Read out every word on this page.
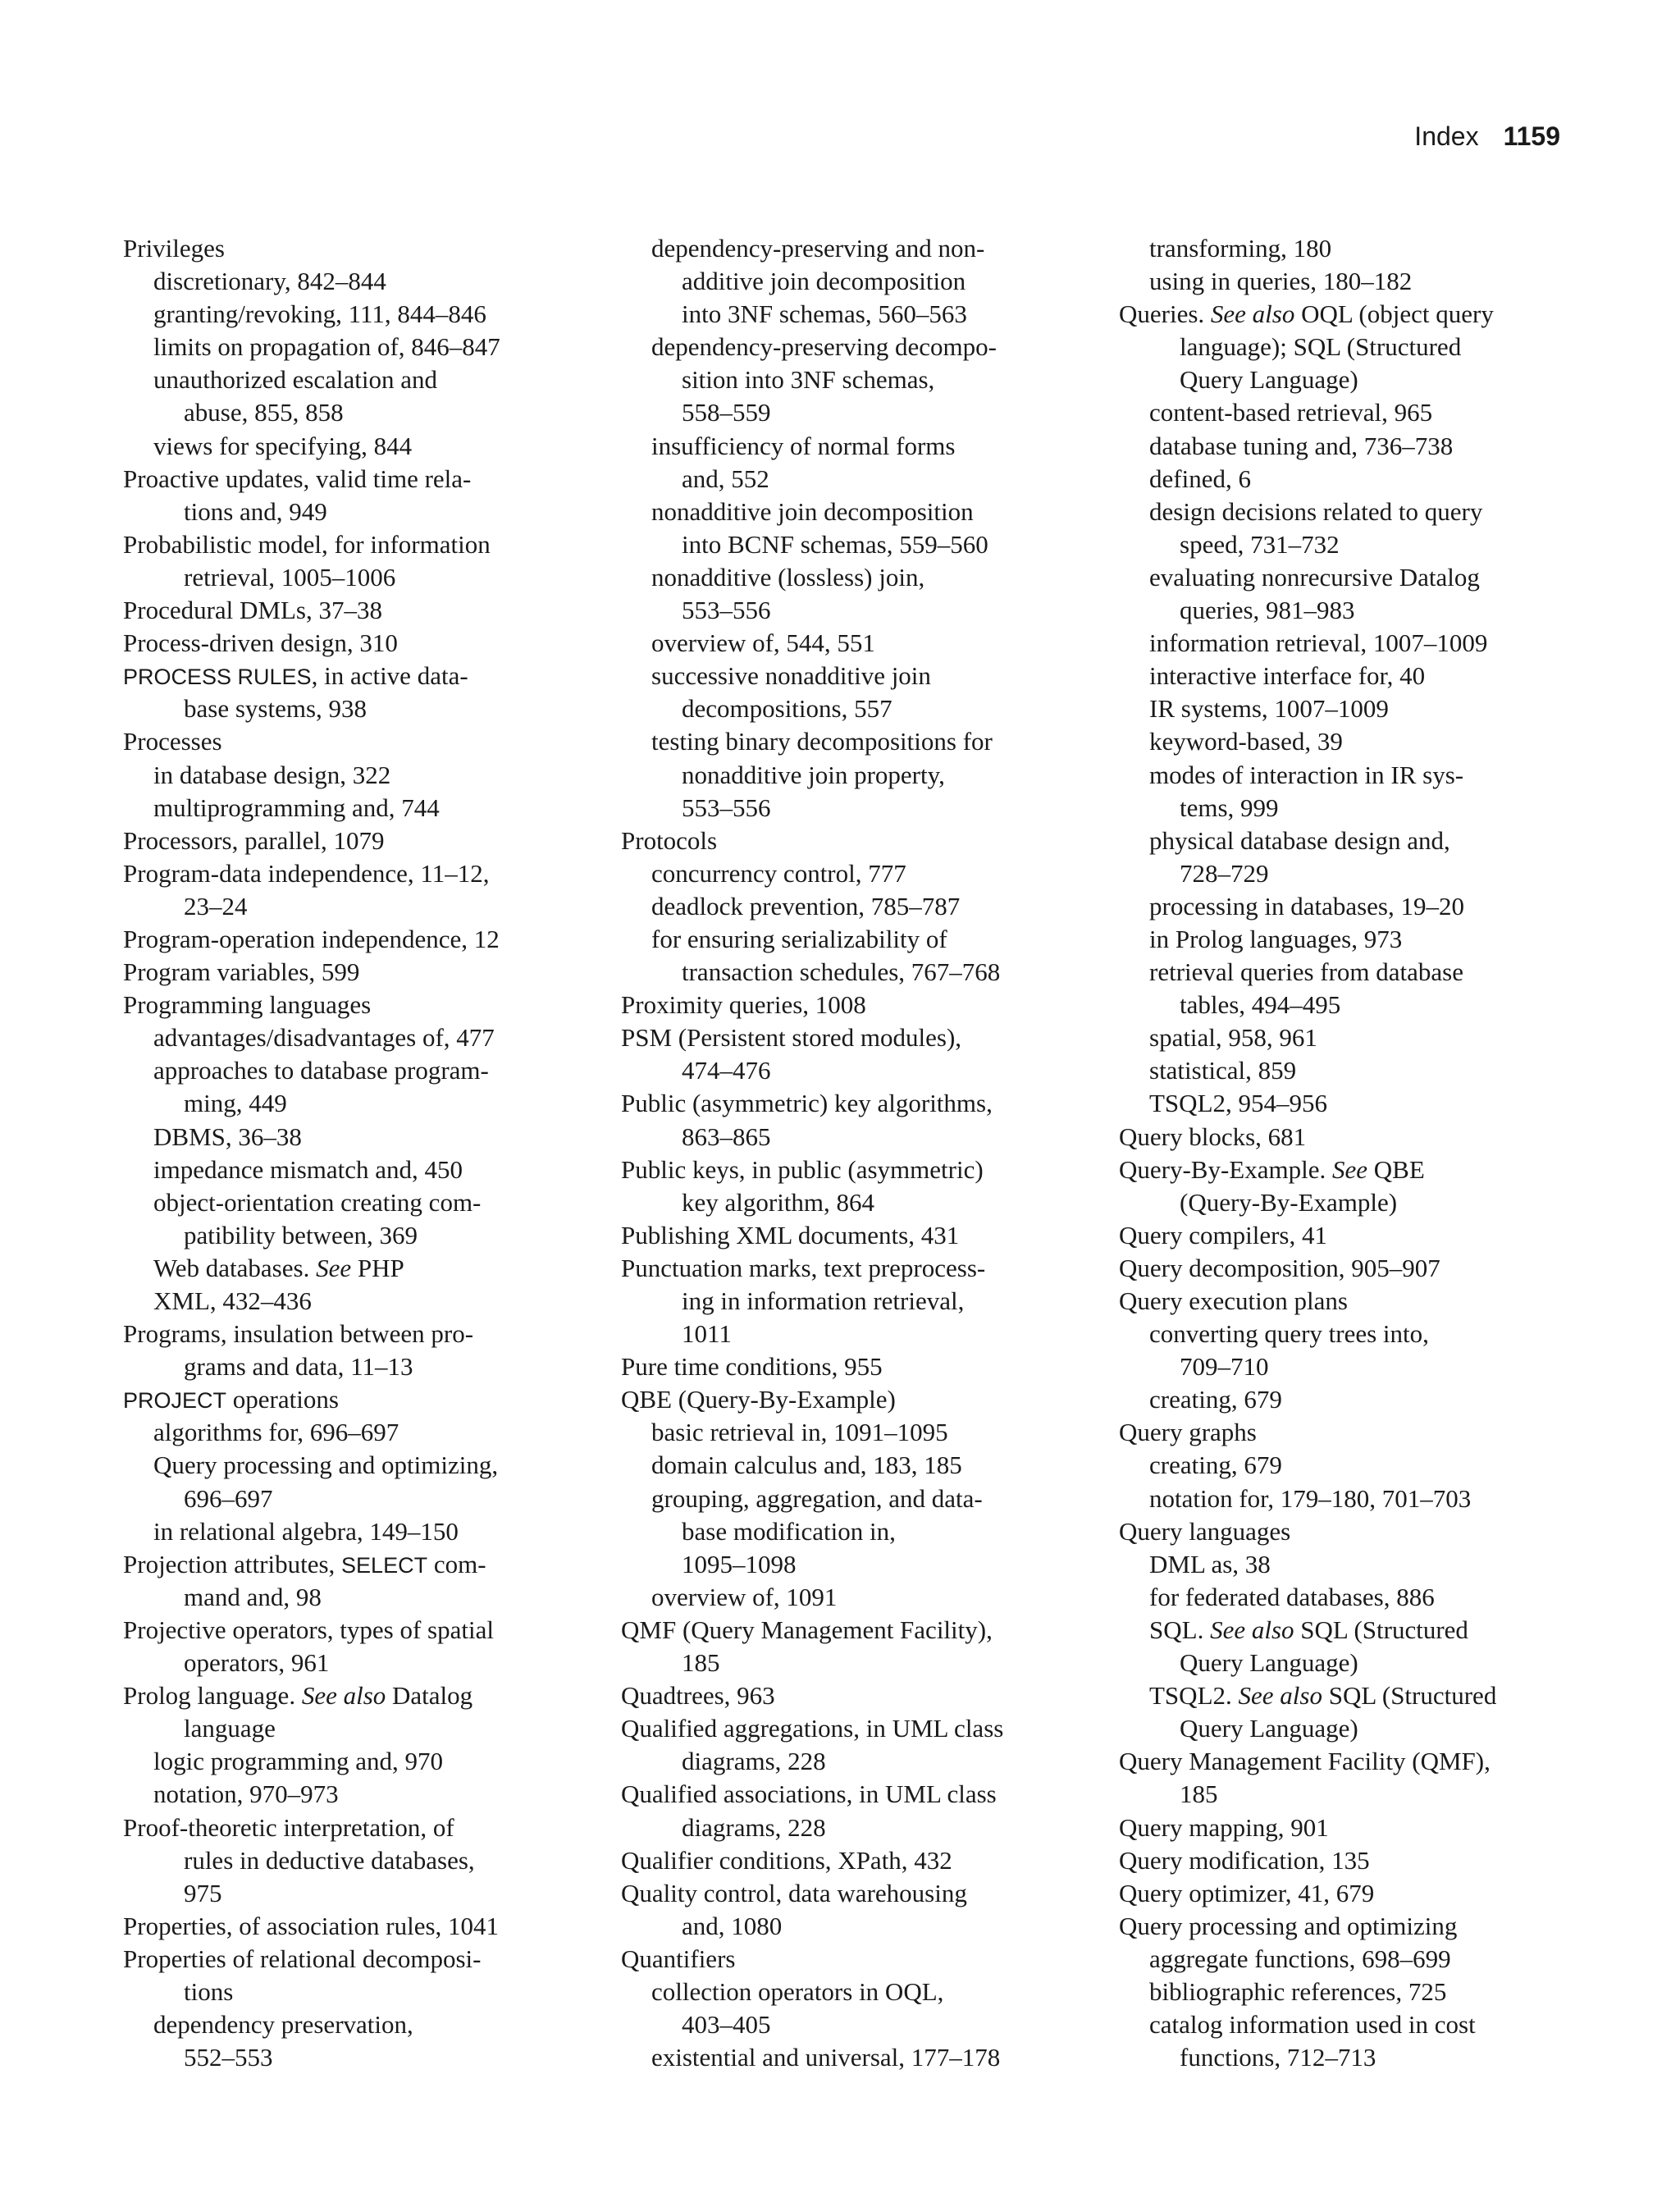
Index 1159
Privileges
discretionary, 842–844
granting/revoking, 111, 844–846
limits on propagation of, 846–847
unauthorized escalation and
abuse, 855, 858
views for specifying, 844
Proactive updates, valid time rela-
tions and, 949
Probabilistic model, for information
retrieval, 1005–1006
Procedural DMLs, 37–38
Process-driven design, 310
PROCESS RULES, in active data-
base systems, 938
Processes
in database design, 322
multiprogramming and, 744
Processors, parallel, 1079
Program-data independence, 11–12,
23–24
Program-operation independence, 12
Program variables, 599
Programming languages
advantages/disadvantages of, 477
approaches to database program-
ming, 449
DBMS, 36–38
impedance mismatch and, 450
object-orientation creating com-
patibility between, 369
Web databases. See PHP
XML, 432–436
Programs, insulation between pro-
grams and data, 11–13
PROJECT operations
algorithms for, 696–697
Query processing and optimizing,
696–697
in relational algebra, 149–150
Projection attributes, SELECT com-
mand and, 98
Projective operators, types of spatial
operators, 961
Prolog language. See also Datalog
language
logic programming and, 970
notation, 970–973
Proof-theoretic interpretation, of
rules in deductive databases,
975
Properties, of association rules, 1041
Properties of relational decomposi-
tions
dependency preservation,
552–553
dependency-preserving and non-
additive join decomposition
into 3NF schemas, 560–563
dependency-preserving decompo-
sition into 3NF schemas,
558–559
insufficiency of normal forms
and, 552
nonadditive join decomposition
into BCNF schemas, 559–560
nonadditive (lossless) join,
553–556
overview of, 544, 551
successive nonadditive join
decompositions, 557
testing binary decompositions for
nonadditive join property,
553–556
Protocols
concurrency control, 777
deadlock prevention, 785–787
for ensuring serializability of
transaction schedules, 767–768
Proximity queries, 1008
PSM (Persistent stored modules),
474–476
Public (asymmetric) key algorithms,
863–865
Public keys, in public (asymmetric)
key algorithm, 864
Publishing XML documents, 431
Punctuation marks, text preprocess-
ing in information retrieval,
1011
Pure time conditions, 955
QBE (Query-By-Example)
basic retrieval in, 1091–1095
domain calculus and, 183, 185
grouping, aggregation, and data-
base modification in,
1095–1098
overview of, 1091
QMF (Query Management Facility),
185
Quadtrees, 963
Qualified aggregations, in UML class
diagrams, 228
Qualified associations, in UML class
diagrams, 228
Qualifier conditions, XPath, 432
Quality control, data warehousing
and, 1080
Quantifiers
collection operators in OQL,
403–405
existential and universal, 177–178
transforming, 180
using in queries, 180–182
Queries. See also OQL (object query
language); SQL (Structured
Query Language)
content-based retrieval, 965
database tuning and, 736–738
defined, 6
design decisions related to query
speed, 731–732
evaluating nonrecursive Datalog
queries, 981–983
information retrieval, 1007–1009
interactive interface for, 40
IR systems, 1007–1009
keyword-based, 39
modes of interaction in IR sys-
tems, 999
physical database design and,
728–729
processing in databases, 19–20
in Prolog languages, 973
retrieval queries from database
tables, 494–495
spatial, 958, 961
statistical, 859
TSQL2, 954–956
Query blocks, 681
Query-By-Example. See QBE
(Query-By-Example)
Query compilers, 41
Query decomposition, 905–907
Query execution plans
converting query trees into,
709–710
creating, 679
Query graphs
creating, 679
notation for, 179–180, 701–703
Query languages
DML as, 38
for federated databases, 886
SQL. See also SQL (Structured
Query Language)
TSQL2. See also SQL (Structured
Query Language)
Query Management Facility (QMF),
185
Query mapping, 901
Query modification, 135
Query optimizer, 41, 679
Query processing and optimizing
aggregate functions, 698–699
bibliographic references, 725
catalog information used in cost
functions, 712–713
